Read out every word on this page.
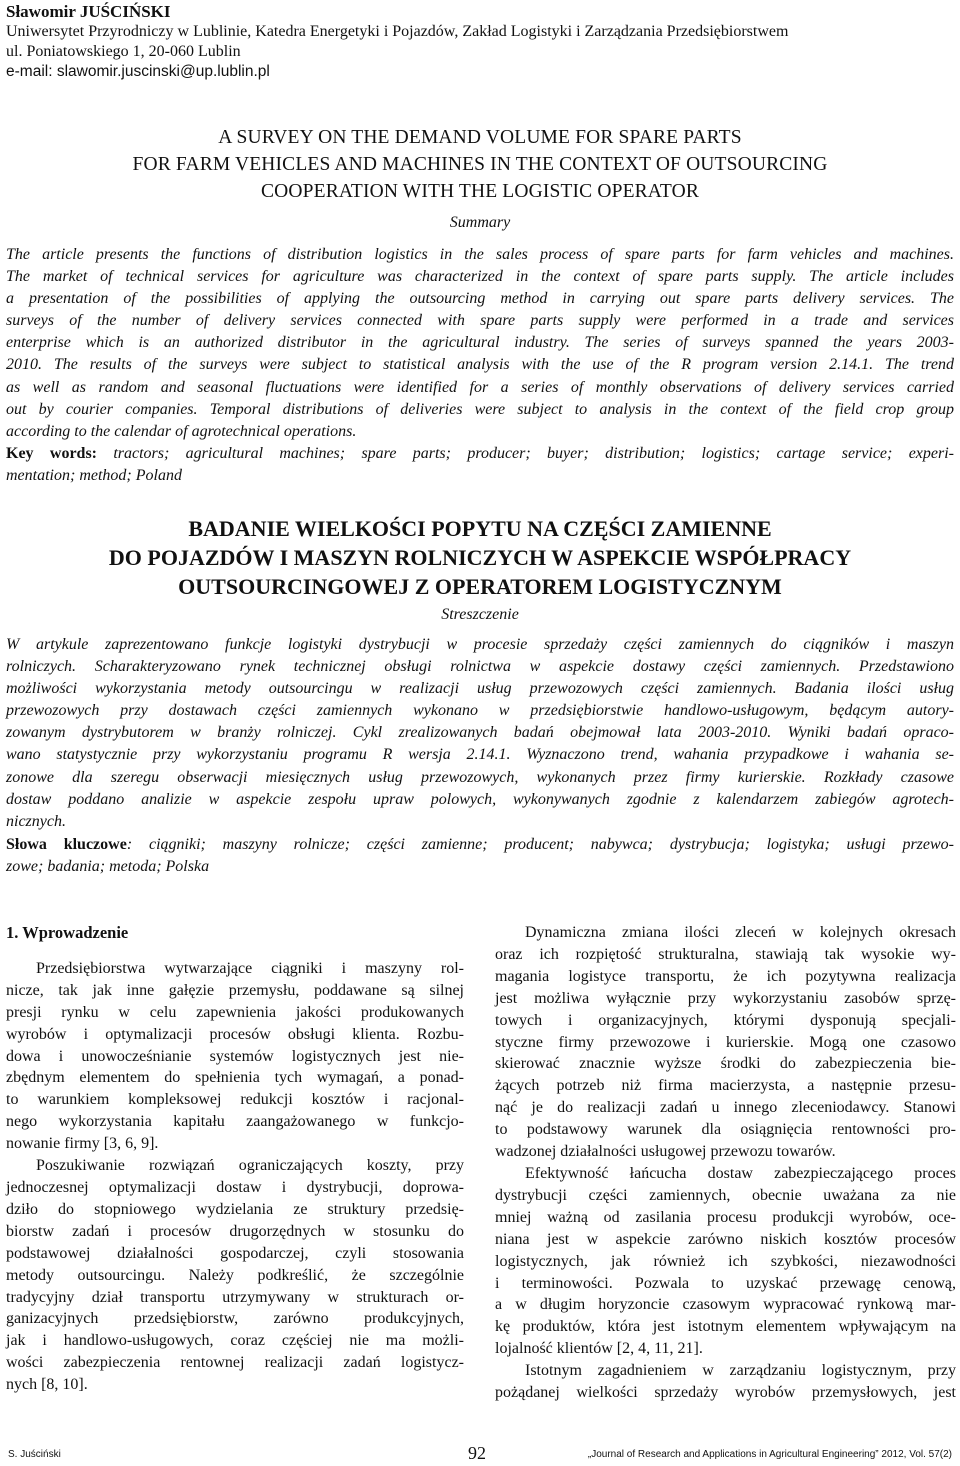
Sławomir JUŚCIŃSKI
Uniwersytet Przyrodniczy w Lublinie, Katedra Energetyki i Pojazdów, Zakład Logistyki i Zarządzania Przedsiębiorstwem
ul. Poniatowskiego 1, 20-060 Lublin
e-mail: slawomir.juscinski@up.lublin.pl
A SURVEY ON THE DEMAND VOLUME FOR SPARE PARTS
FOR FARM VEHICLES AND MACHINES IN THE CONTEXT OF OUTSOURCING
COOPERATION WITH THE LOGISTIC OPERATOR
Summary
The article presents the functions of distribution logistics in the sales process of spare parts for farm vehicles and machines.
The market of technical services for agriculture was characterized in the context of spare parts supply. The article includes
a presentation of the possibilities of applying the outsourcing method in carrying out spare parts delivery services. The
surveys of the number of delivery services connected with spare parts supply were performed in a trade and services
enterprise which is an authorized distributor in the agricultural industry. The series of surveys spanned the years 2003-
2010. The results of the surveys were subject to statistical analysis with the use of the R program version 2.14.1. The trend
as well as random and seasonal fluctuations were identified for a series of monthly observations of delivery services carried
out by courier companies. Temporal distributions of deliveries were subject to analysis in the context of the field crop group
according to the calendar of agrotechnical operations.
Key words: tractors; agricultural machines; spare parts; producer; buyer; distribution; logistics; cartage service; experi-
mentation; method; Poland
BADANIE WIELKOŚCI POPYTU NA CZĘŚCI ZAMIENNE
DO POJAZDÓW I MASZYN ROLNICZYCH W ASPEKCIE WSPÓŁPRACY
OUTSOURCINGOWEJ Z OPERATOREM LOGISTYCZNYM
Streszczenie
W artykule zaprezentowano funkcje logistyki dystrybucji w procesie sprzedaży części zamiennych do ciągników i maszyn
rolniczych. Scharakteryzowano rynek technicznej obsługi rolnictwa w aspekcie dostawy części zamiennych. Przedstawiono
możliwości wykorzystania metody outsourcingu w realizacji usług przewozowych części zamiennych. Badania ilości usług
przewozowych przy dostawach części zamiennych wykonano w przedsiębiorstwie handlowo-usługowym, będącym autory-
zowanym dystrybutorem w branży rolniczej. Cykl zrealizowanych badań obejmował lata 2003-2010. Wyniki badań opraco-
wano statystycznie przy wykorzystaniu programu R wersja 2.14.1. Wyznaczono trend, wahania przypadkowe i wahania se-
zonowe dla szeregu obserwacji miesięcznych usług przewozowych, wykonanych przez firmy kurierskie. Rozkłady czasowe
dostaw poddano analizie w aspekcie zespołu upraw polowych, wykonywanych zgodnie z kalendarzem zabiegów agrotech-
nicznych.
Słowa kluczowe: ciągniki; maszyny rolnicze; części zamienne; producent; nabywca; dystrybucja; logistyka; usługi przewo-
zowe; badania; metoda; Polska
1. Wprowadzenie
Przedsiębiorstwa wytwarzające ciągniki i maszyny rol-
nicze, tak jak inne gałęzie przemysłu, poddawane są silnej
presji rynku w celu zapewnienia jakości produkowanych
wyrobów i optymalizacji procesów obsługi klienta. Rozbu-
dowa i unowocześnianie systemów logistycznych jest nie-
zbędnym elementem do spełnienia tych wymagań, a ponad-
to warunkiem kompleksowej redukcji kosztów i racjonal-
nego wykorzystania kapitału zaangażowanego w funkcjo-
nowanie firmy [3, 6, 9].
Poszukiwanie rozwiązań ograniczających koszty, przy
jednoczesnej optymalizacji dostaw i dystrybucji, doprowa-
dziło do stopniowego wydzielania ze struktury przedsię-
biorstw zadań i procesów drugorzędnych w stosunku do
podstawowej działalności gospodarczej, czyli stosowania
metody outsourcingu. Należy podkreślić, że szczególnie
tradycyjny dział transportu utrzymywany w strukturach or-
ganizacyjnych przedsiębiorstw, zarówno produkcyjnych,
jak i handlowo-usługowych, coraz częściej nie ma możli-
wości zabezpieczenia rentownej realizacji zadań logistycz-
nych [8, 10].
Dynamiczna zmiana ilości zleceń w kolejnych okresach
oraz ich rozpiętość strukturalna, stawiają tak wysokie wy-
magania logistyce transportu, że ich pozytywna realizacja
jest możliwa wyłącznie przy wykorzystaniu zasobów sprzę-
towych i organizacyjnych, którymi dysponują specjali-
styczne firmy przewozowe i kurierskie. Mogą one czasowo
skierować znacznie wyższe środki do zabezpieczenia bie-
żących potrzeb niż firma macierzysta, a następnie przesu-
nąć je do realizacji zadań u innego zleceniodawcy. Stanowi
to podstawowy warunek dla osiągnięcia rentowności pro-
wadzonej działalności usługowej przewozu towarów.
Efektywność łańcucha dostaw zabezpieczającego proces
dystrybucji części zamiennych, obecnie uważana za nie
mniej ważną od zasilania procesu produkcji wyrobów, oce-
niana jest w aspekcie zarówno niskich kosztów procesów
logistycznych, jak również ich szybkości, niezawodności
i terminowości. Pozwala to uzyskać przewagę cenową,
a w długim horyzoncie czasowym wypracować rynkową mar-
kę produktów, która jest istotnym elementem wpływającym na
lojalność klientów [2, 4, 11, 21].
Istotnym zagadnieniem w zarządzaniu logistycznym, przy
pożądanej wielkości sprzedaży wyrobów przemysłowych, jest
S. Juściński	92	„Journal of Research and Applications in Agricultural Engineering” 2012, Vol. 57(2)
